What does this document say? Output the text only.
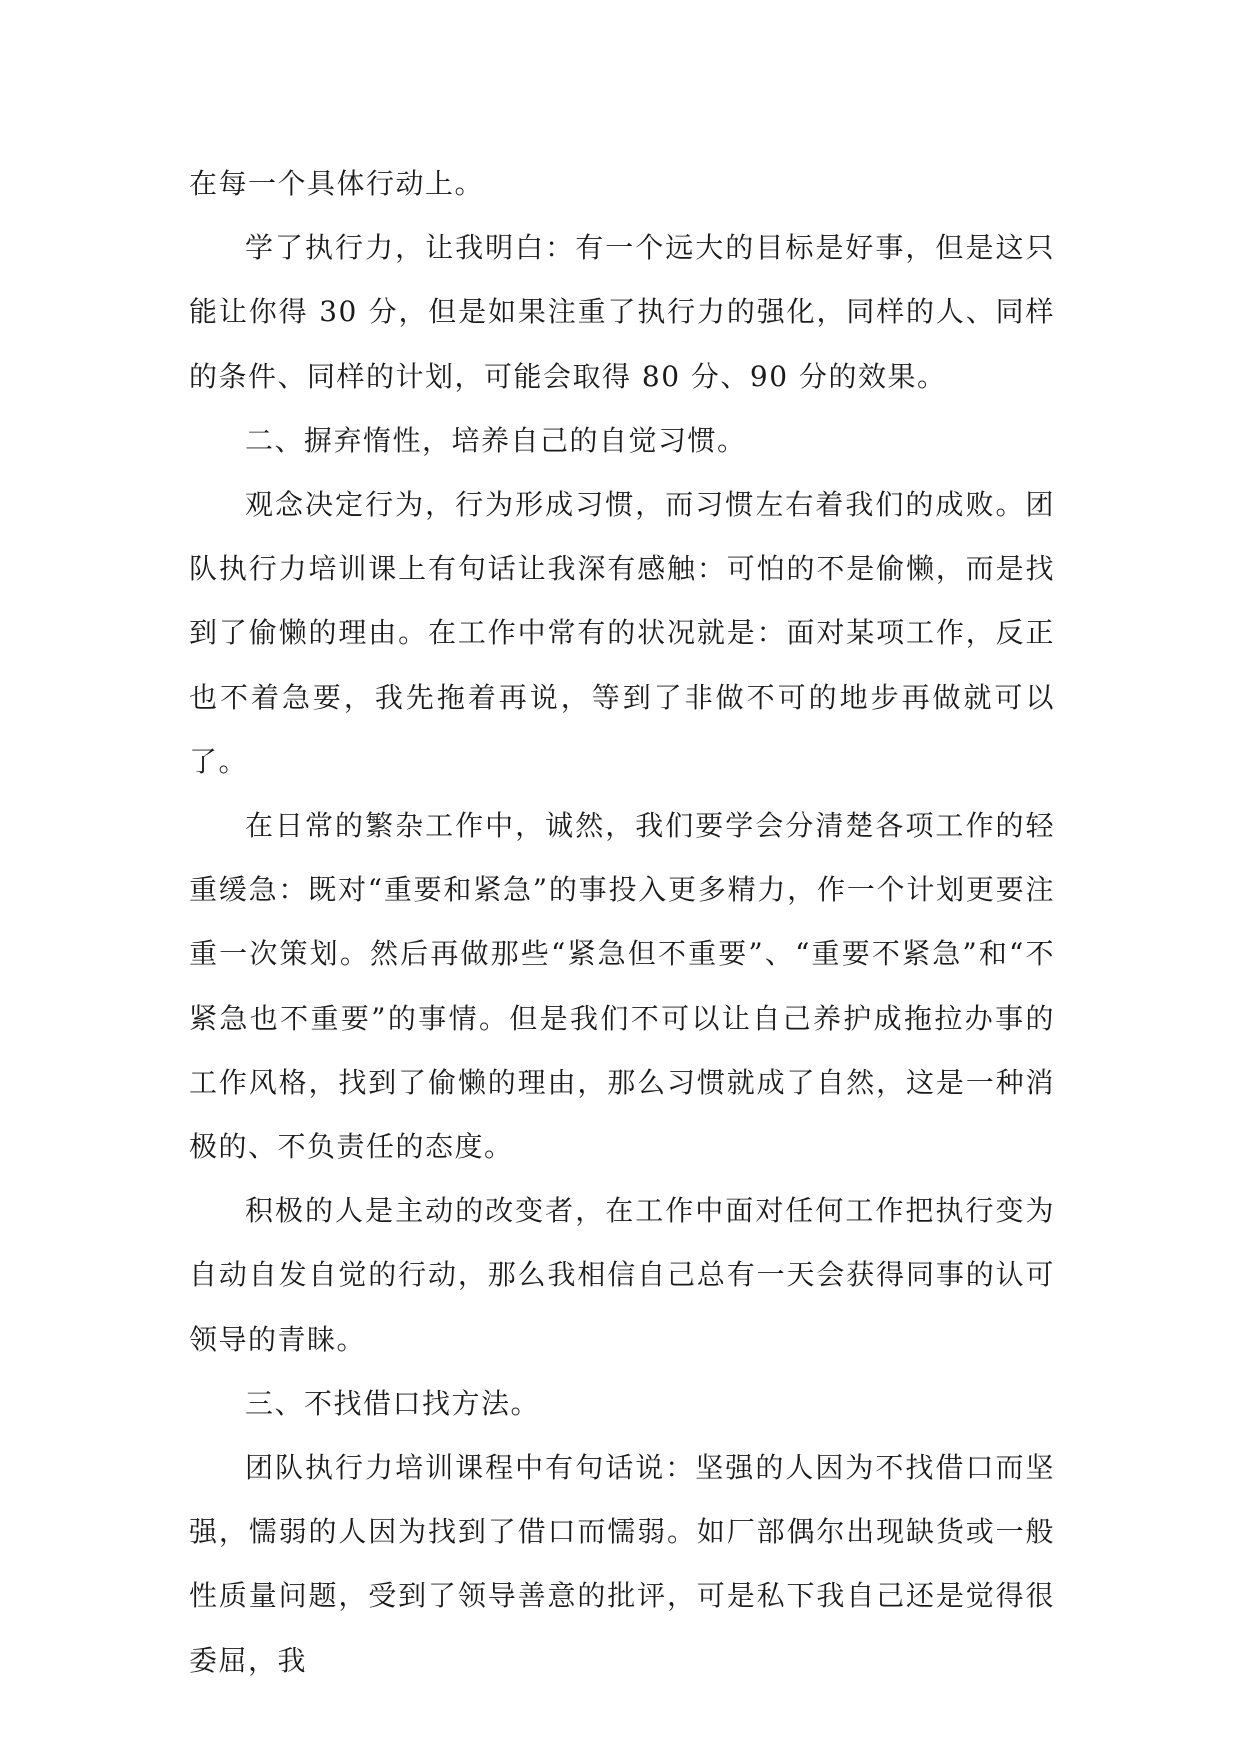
在每一个具体行动上。

学了执行力，让我明白：有一个远大的目标是好事，但是这只能让你得 30 分，但是如果注重了执行力的强化，同样的人、同样的条件、同样的计划，可能会取得 80 分、90 分的效果。

二、摒弃惰性，培养自己的自觉习惯。

观念决定行为，行为形成习惯，而习惯左右着我们的成败。团队执行力培训课上有句话让我深有感触：可怕的不是偷懒，而是找到了偷懒的理由。在工作中常有的状况就是：面对某项工作，反正也不着急要，我先拖着再说，等到了非做不可的地步再做就可以了。

在日常的繁杂工作中，诚然，我们要学会分清楚各项工作的轻重缓急：既对“重要和紧急”的事投入更多精力，作一个计划更要注重一次策划。然后再做那些“紧急但不重要”、“重要不紧急”和“不紧急也不重要”的事情。但是我们不可以让自己养护成拖拉办事的工作风格，找到了偷懒的理由，那么习惯就成了自然，这是一种消极的、不负责任的态度。

积极的人是主动的改变者，在工作中面对任何工作把执行变为自动自发自觉的行动，那么我相信自己总有一天会获得同事的认可领导的青睐。

三、不找借口找方法。

团队执行力培训课程中有句话说：坚强的人因为不找借口而坚强，懦弱的人因为找到了借口而懦弱。如厂部偶尔出现缺货或一般性质量问题，受到了领导善意的批评，可是私下我自己还是觉得很委屈，我
